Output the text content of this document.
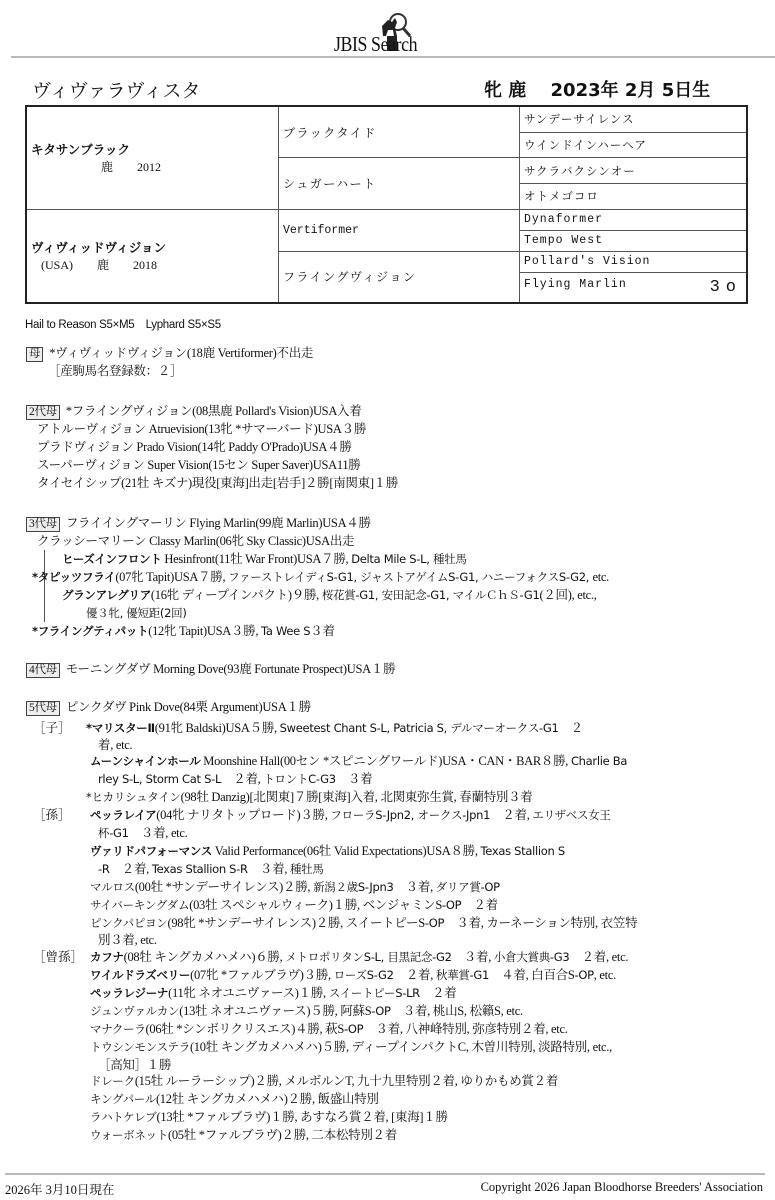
JBIS Search
ヴィヴァラヴィスタ	牝 鹿　 2023年 2月 5日生
キタサンブラック
鹿　　2012	ブラックタイド	サンデーサイレンス
		ウインドインハーヘア
	シュガーハート	サクラバクシンオー
		オトメゴコロ

ヴィヴィッドヴィジョン
(USA)　　鹿　　2018	Vertiformer	Dynaformer
		Tempo West
	フライングヴィジョン	Pollard's Vision
		Flying Marlin 3o
Hail to Reason S5×M5　Lyphard S5×S5
母 *ヴィヴィッドヴィジョン(18鹿 Vertiformer)不出走
［産駒馬名登録数：２］
2代母 *フライングヴィジョン(08黒鹿 Pollard's Vision)USA入着
アトルーヴィジョン Atruevision(13牝 *サマーバード)USA３勝
プラドヴィジョン Prado Vision(14牝 Paddy O'Prado)USA４勝
スーパーヴィジョン Super Vision(15セン Super Saver)USA11勝
タイセイシップ(21牡 キズナ)現役[東海]出走[岩手]２勝[南関東]１勝
3代母 フライイングマーリン Flying Marlin(99鹿 Marlin)USA４勝
クラッシーマリーン Classy Marlin(06牝 Sky Classic)USA出走
ヒーズインフロント Hesinfront(11牡 War Front)USA７勝, Delta Mile S-L, 種牡馬
*タピッツフライ(07牝 Tapit)USA７勝, ファーストレイディS-G1, ジャストアゲイムS-G1, ハニーフォクスS-G2, etc.
グランアレグリア(16牝 ディープインパクト)９勝, 桜花賞-G1, 安田記念-G1, マイルＣｈＳ-G1(２回), etc.,
優３牝, 優短距(2回)
*フライングティパット(12牝 Tapit)USA３勝, Ta Wee S３着
4代母 モーニングダヴ Morning Dove(93鹿 Fortunate Prospect)USA１勝
5代母 ピンクダヴ Pink Dove(84栗 Argument)USA１勝
［子］ *マリスターⅡ(91牝 Baldski)USA５勝, Sweetest Chant S-L, Patricia S, デルマーオークス-G1　２
着, etc.
ムーンシャインホール Moonshine Hall(00セン *スピニングワールド)USA・CAN・BAR８勝, Charlie Ba
rley S-L, Storm Cat S-L　２着, トロントC-G3　３着
*ヒカリシュタイン(98牡 Danzig)[北関東]７勝[東海]入着, 北関東弥生賞, 春蘭特別３着
［孫］ ペッラレイア(04牝 ナリタトップロード)３勝, フローラS-Jpn2, オークス-Jpn1　２着, エリザベス女王
杯-G1　３着, etc.
ヴァリドパフォーマンス Valid Performance(06牡 Valid Expectations)USA８勝, Texas Stallion S
-R　２着, Texas Stallion S-R　３着, 種牡馬
マルロス(00牡 *サンデーサイレンス)２勝, 新潟２歳S-Jpn3　３着, ダリア賞-OP
サイバーキングダム(03牡 スペシャルウィーク)１勝, ベンジャミンS-OP　２着
ピンクパピヨン(98牝 *サンデーサイレンス)２勝, スイートピーS-OP　３着, カーネーション特別, 衣笠特
別３着, etc.
［曾孫］ カフナ(08牡 キングカメハメハ)６勝, メトロポリタンS-L, 目黒記念-G2　３着, 小倉大賞典-G3　２着, etc.
ワイルドラズベリー(07牝 *ファルブラヴ)３勝, ローズS-G2　２着, 秋華賞-G1　４着, 白百合S-OP, etc.
ペッラレジーナ(11牝 ネオユニヴァース)１勝, スイートピーS-LR　２着
ジュンヴァルカン(13牡 ネオユニヴァース)５勝, 阿蘇S-OP　３着, 桃山S, 松籟S, etc.
マナクーラ(06牡 *シンボリクリスエス)４勝, 萩S-OP　３着, 八神峰特別, 弥彦特別２着, etc.
トウシンモンステラ(10牡 キングカメハメハ)５勝, ディープインパクトC, 木曽川特別, 淡路特別, etc.,
［高知］１勝
ドレーク(15牡 ルーラーシップ)２勝, メルボルンT, 九十九里特別２着, ゆりかもめ賞２着
キングパール(12牡 キングカメハメハ)２勝, 飯盛山特別
ラハトケレブ(13牡 *ファルブラヴ)１勝, あすなろ賞２着, [東海]１勝
ウォーボネット(05牡 *ファルブラヴ)２勝, 二本松特別２着
2026年 3月10日現在	Copyright 2026 Japan Bloodhorse Breeders' Association
